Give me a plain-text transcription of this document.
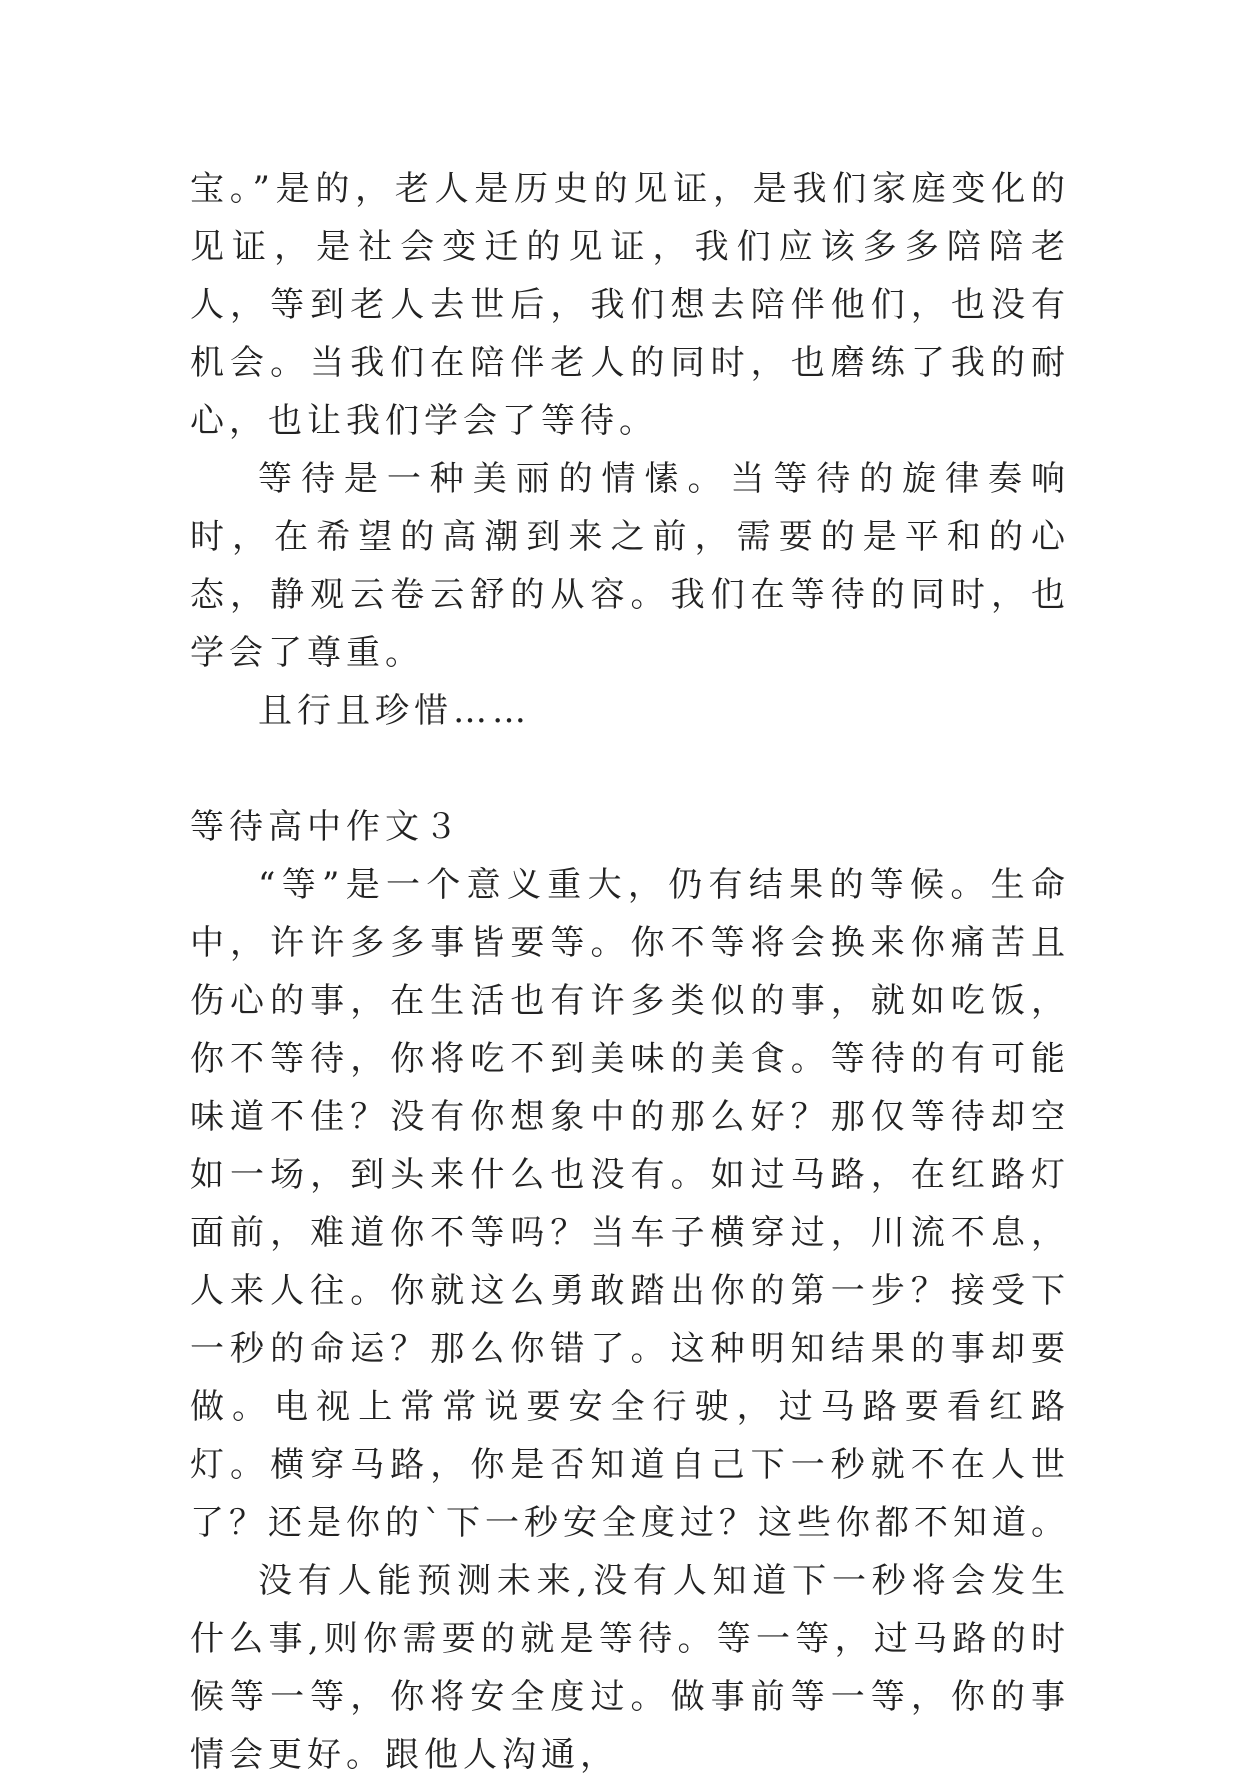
宝。”是的，老人是历史的见证，是我们家庭变化的见证，是社会变迁的见证，我们应该多多陪陪老人，等到老人去世后，我们想去陪伴他们，也没有机会。当我们在陪伴老人的同时，也磨练了我的耐心，也让我们学会了等待。

等待是一种美丽的情愫。当等待的旋律奏响时，在希望的高潮到来之前，需要的是平和的心态，静观云卷云舒的从容。我们在等待的同时，也学会了尊重。

且行且珍惜……

等待高中作文３

“等”是一个意义重大，仍有结果的等候。生命中，许许多多事皆要等。你不等将会换来你痛苦且伤心的事，在生活也有许多类似的事，就如吃饭，你不等待，你将吃不到美味的美食。等待的有可能味道不佳？没有你想象中的那么好？那仅等待却空如一场，到头来什么也没有。如过马路，在红路灯面前，难道你不等吗？当车子横穿过，川流不息，人来人往。你就这么勇敢踏出你的第一步？接受下一秒的命运？那么你错了。这种明知结果的事却要做。电视上常常说要安全行驶，过马路要看红路灯。横穿马路，你是否知道自己下一秒就不在人世了？还是你的`下一秒安全度过？这些你都不知道。

没有人能预测未来,没有人知道下一秒将会发生什么事,则你需要的就是等待。等一等，过马路的时候等一等，你将安全度过。做事前等一等，你的事情会更好。跟他人沟通，
